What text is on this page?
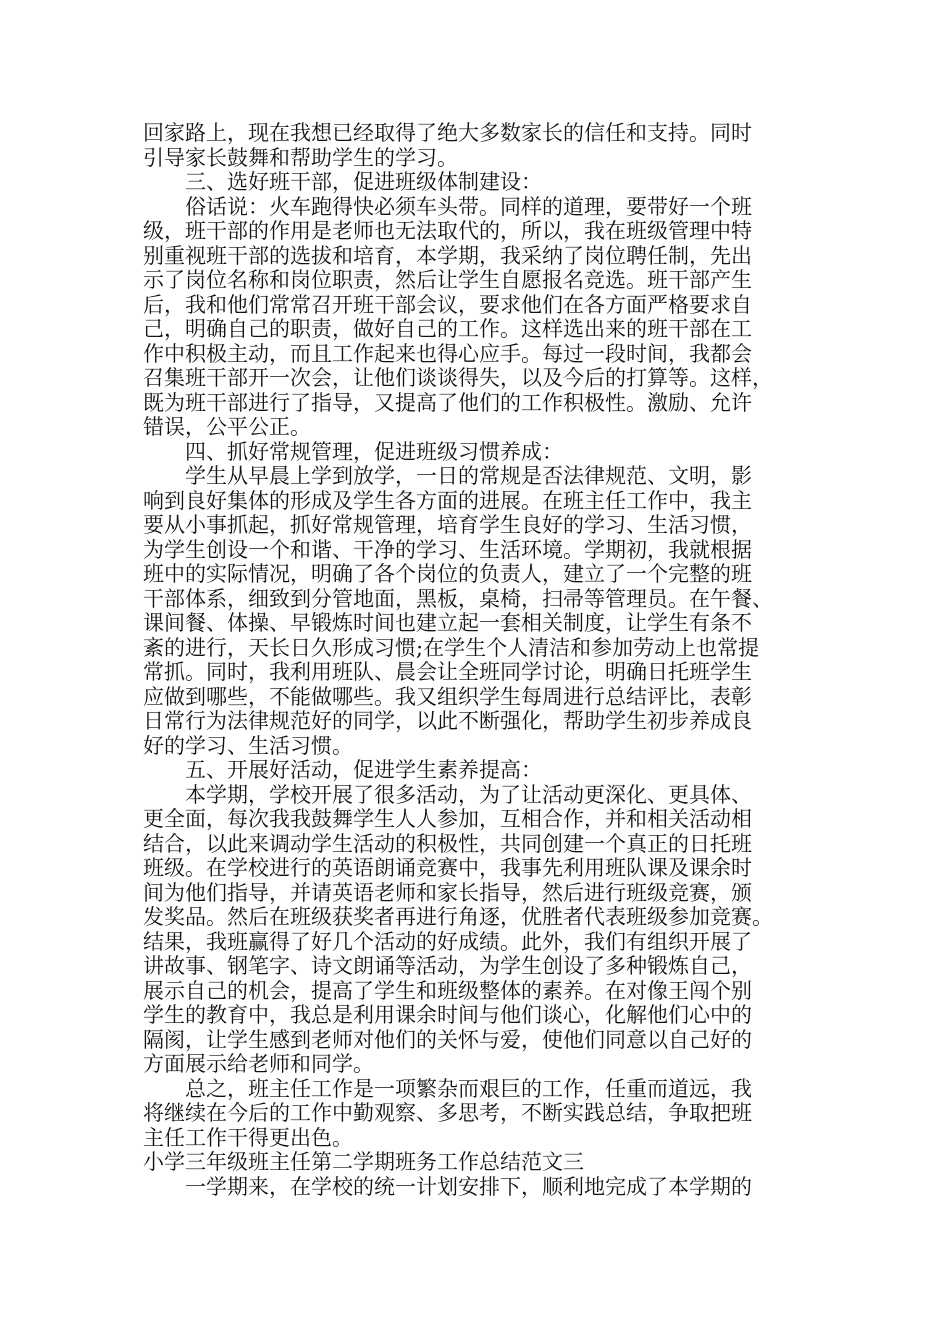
回家路上，现在我想已经取得了绝大多数家长的信任和支持。同时
引导家长鼓舞和帮助学生的学习。
三、选好班干部，促进班级体制建设：
俗话说：火车跑得快必须车头带。同样的道理，要带好一个班
级，班干部的作用是老师也无法取代的，所以，我在班级管理中特
别重视班干部的选拔和培育，本学期，我采纳了岗位聘任制，先出
示了岗位名称和岗位职责，然后让学生自愿报名竞选。班干部产生
后，我和他们常常召开班干部会议，要求他们在各方面严格要求自
己，明确自己的职责，做好自己的工作。这样选出来的班干部在工
作中积极主动，而且工作起来也得心应手。每过一段时间，我都会
召集班干部开一次会，让他们谈谈得失，以及今后的打算等。这样，
既为班干部进行了指导，又提高了他们的工作积极性。激励、允许
错误，公平公正。
四、抓好常规管理，促进班级习惯养成：
学生从早晨上学到放学，一日的常规是否法律规范、文明，影
响到良好集体的形成及学生各方面的进展。在班主任工作中，我主
要从小事抓起，抓好常规管理，培育学生良好的学习、生活习惯，
为学生创设一个和谐、干净的学习、生活环境。学期初，我就根据
班中的实际情况，明确了各个岗位的负责人，建立了一个完整的班
干部体系，细致到分管地面，黑板，桌椅，扫帚等管理员。在午餐、
课间餐、体操、早锻炼时间也建立起一套相关制度，让学生有条不
紊的进行，天长日久形成习惯;在学生个人清洁和参加劳动上也常提
常抓。同时，我利用班队、晨会让全班同学讨论，明确日托班学生
应做到哪些，不能做哪些。我又组织学生每周进行总结评比，表彰
日常行为法律规范好的同学，以此不断强化，帮助学生初步养成良
好的学习、生活习惯。
五、开展好活动，促进学生素养提高：
本学期，学校开展了很多活动，为了让活动更深化、更具体、
更全面，每次我我鼓舞学生人人参加，互相合作，并和相关活动相
结合，以此来调动学生活动的积极性，共同创建一个真正的日托班
班级。在学校进行的英语朗诵竞赛中，我事先利用班队课及课余时
间为他们指导，并请英语老师和家长指导，然后进行班级竞赛，颁
发奖品。然后在班级获奖者再进行角逐，优胜者代表班级参加竞赛。
结果，我班赢得了好几个活动的好成绩。此外，我们有组织开展了
讲故事、钢笔字、诗文朗诵等活动，为学生创设了多种锻炼自己，
展示自己的机会，提高了学生和班级整体的素养。在对像王闯个别
学生的教育中，我总是利用课余时间与他们谈心，化解他们心中的
隔阂，让学生感到老师对他们的关怀与爱，使他们同意以自己好的
方面展示给老师和同学。
总之，班主任工作是一项繁杂而艰巨的工作，任重而道远，我
将继续在今后的工作中勤观察、多思考，不断实践总结，争取把班
主任工作干得更出色。
小学三年级班主任第二学期班务工作总结范文三
一学期来，在学校的统一计划安排下，顺利地完成了本学期的
